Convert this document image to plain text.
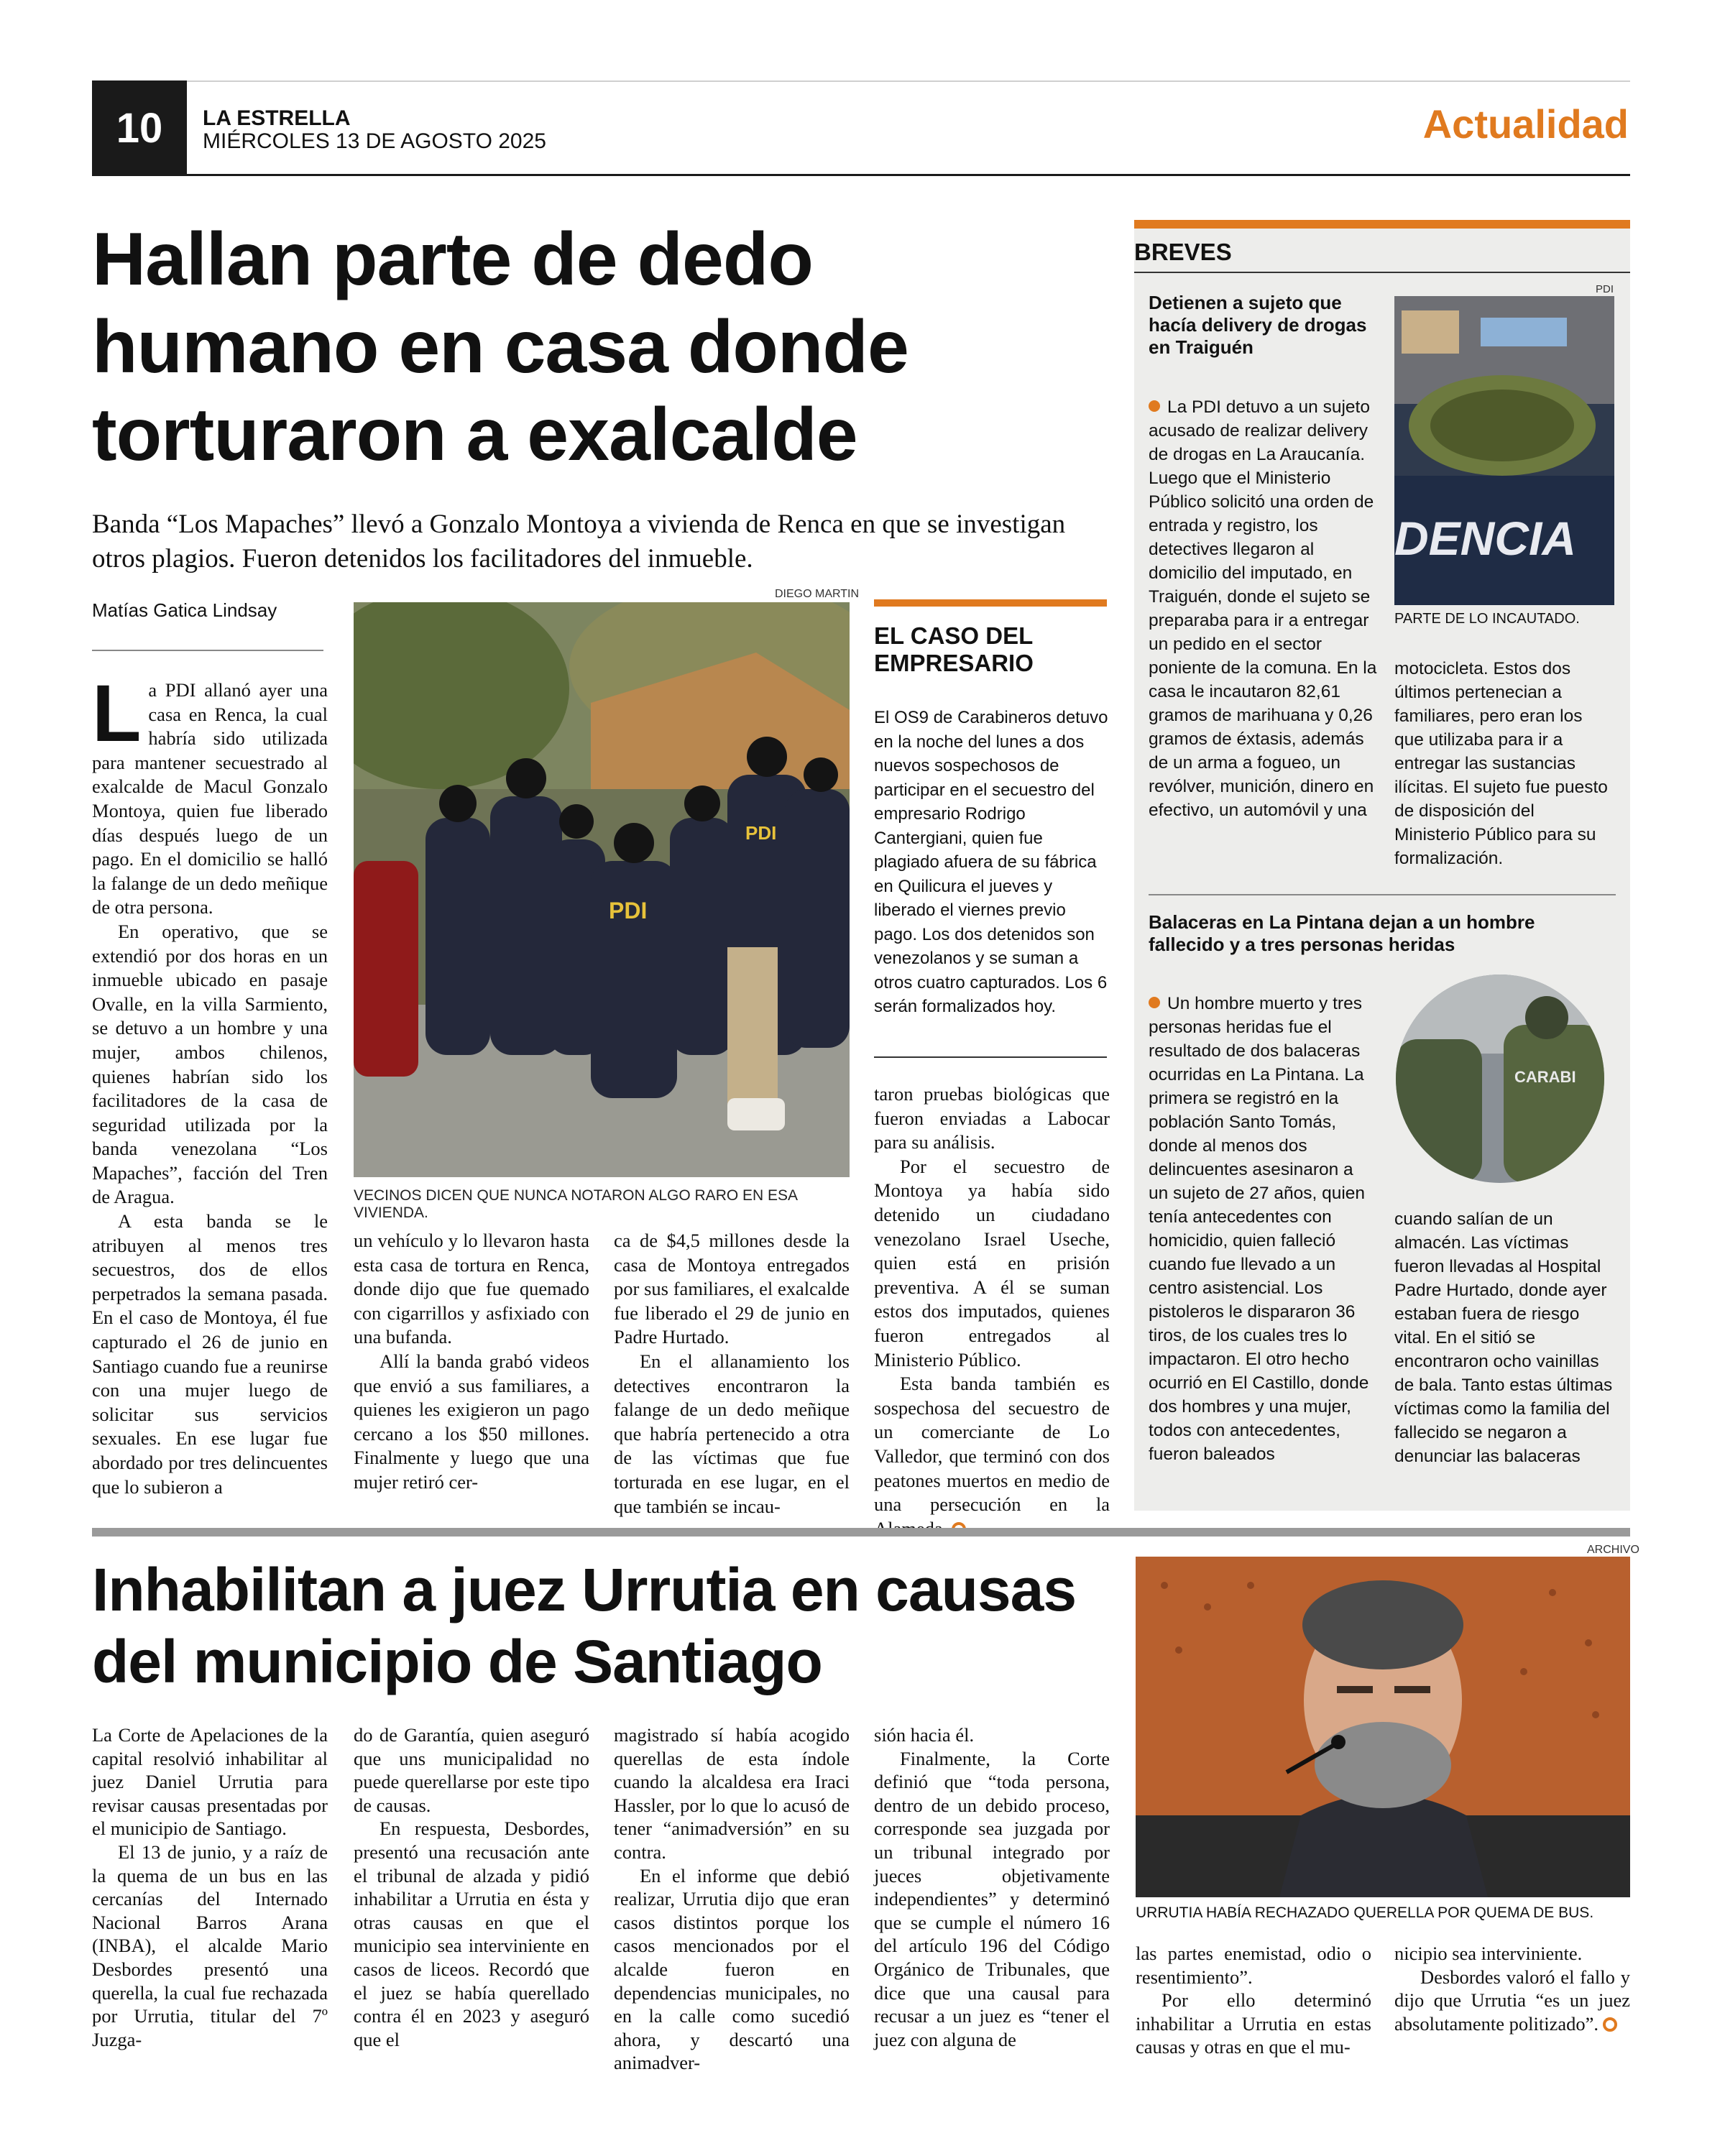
10	LA ESTRELLA
MIÉRCOLES 13 DE AGOSTO 2025	Actualidad
Hallan parte de dedo humano en casa donde torturaron a exalcalde
Banda “Los Mapaches” llevó a Gonzalo Montoya a vivienda de Renca en que se investigan otros plagios. Fueron detenidos los facilitadores del inmueble.
Matías Gatica Lindsay

La PDI allanó ayer una casa en Renca, la cual habría sido utilizada para mantener secuestrado al exalcalde de Macul Gonzalo Montoya, quien fue liberado días después luego de un pago. En el domicilio se halló la falange de un dedo meñique de otra persona.

En operativo, que se extendió por dos horas en un inmueble ubicado en pasaje Ovalle, en la villa Sarmiento, se detuvo a un hombre y una mujer, ambos chilenos, quienes habrían sido los facilitadores de la casa de seguridad utilizada por la banda venezolana “Los Mapaches”, facción del Tren de Aragua.

A esta banda se le atribuyen al menos tres secuestros, dos de ellos perpetrados la semana pasada. En el caso de Montoya, él fue capturado el 26 de junio en Santiago cuando fue a reunirse con una mujer luego de solicitar sus servicios sexuales. En ese lugar fue abordado por tres delincuentes que lo subieron a

DIEGO MARTIN
PDI
PDI
VECINOS DICEN QUE NUNCA NOTARON ALGO RARO EN ESA VIVIENDA.

un vehículo y lo llevaron hasta esta casa de tortura en Renca, donde dijo que fue quemado con cigarrillos y asfixiado con una bufanda.

Allí la banda grabó videos que envió a sus familiares, a quienes les exigieron un pago cercano a los $50 millones. Finalmente y luego que una mujer retiró cer-

ca de $4,5 millones desde la casa de Montoya entregados por sus familiares, el exalcalde fue liberado el 29 de junio en Padre Hurtado.

En el allanamiento los detectives encontraron la falange de un dedo meñique que habría pertenecido a otra de las víctimas que fue torturada en ese lugar, en el que también se incau-

taron pruebas biológicas que fueron enviadas a Labocar para su análisis.

Por el secuestro de Montoya ya había sido detenido un ciudadano venezolano Israel Useche, quien está en prisión preventiva. A él se suman estos dos imputados, quienes fueron entregados al Ministerio Público.

Esta banda también es sospechosa del secuestro de un comerciante de Lo Valledor, que terminó con dos peatones muertos en medio de una persecución en la

EL CASO DEL EMPRESARIO
El OS9 de Carabineros detuvo en la noche del lunes a dos nuevos sospechosos de participar en el secuestro del empresario Rodrigo Cantergiani, quien fue plagiado afuera de su fábrica en Quilicura el jueves y liberado el viernes previo pago. Los dos detenidos son venezolanos y se suman a otros cuatro capturados. Los 6 serán formalizados hoy.
BREVES
Detienen a sujeto que hacía delivery de drogas en Traiguén
PDI
DENCIA
PARTE DE LO INCAUTADO.
La PDI detuvo a un sujeto acusado de realizar delivery de drogas en La Araucanía. Luego que el Ministerio Público solicitó una orden de entrada y registro, los detectives llegaron al domicilio del imputado, en Traiguén, donde el sujeto se preparaba para ir a entregar un pedido en el sector poniente de la comuna. En la casa le incautaron 82,61 gramos de marihuana y 0,26 gramos de éxtasis, además de un arma a fogueo, un revólver, munición, dinero en efectivo, un automóvil y una
motocicleta. Estos dos últimos pertenecian a familiares, pero eran los que utilizaba para ir a entregar las sustancias ilícitas. El sujeto fue puesto de disposición del Ministerio Público para su formalización.
Balaceras en La Pintana dejan a un hombre fallecido y a tres personas heridas
CARABI
Un hombre muerto y tres personas heridas fue el resultado de dos balaceras ocurridas en La Pintana. La primera se registró en la población Santo Tomás, donde al menos dos delincuentes asesinaron a un sujeto de 27 años, quien tenía antecedentes con homicidio, quien falleció cuando fue llevado a un centro asistencial. Los pistoleros le dispararon 36 tiros, de los cuales tres lo impactaron. El otro hecho ocurrió en El Castillo, donde dos hombres y una mujer, todos con antecedentes, fueron baleados
cuando salían de un almacén. Las víctimas fueron llevadas al Hospital Padre Hurtado, donde ayer estaban fuera de riesgo vital. En el sitió se encontraron ocho vainillas de bala. Tanto estas últimas víctimas como la familia del fallecido se negaron a denunciar las balaceras
Inhabilitan a juez Urrutia en causas del municipio de Santiago
ARCHIVO
URRUTIA HABÍA RECHAZADO QUERELLA POR QUEMA DE BUS.

La Corte de Apelaciones de la capital resolvió inhabilitar al juez Daniel Urrutia para revisar causas presentadas por el municipio de Santiago.

El 13 de junio, y a raíz de la quema de un bus en las cercanías del Internado Nacional Barros Arana (INBA), el alcalde Mario Desbordes presentó una querella, la cual fue rechazada por Urrutia, titular del 7º Juzga-

do de Garantía, quien aseguró que uns municipalidad no puede querellarse por este tipo de causas.

En respuesta, Desbordes, presentó una recusación ante el tribunal de alzada y pidió inhabilitar a Urrutia en ésta y otras causas en que el municipio sea interviniente en casos de liceos. Recordó que el juez se había querellado contra él en 2023 y aseguró que el

magistrado sí había acogido querellas de esta índole cuando la alcaldesa era Iraci Hassler, por lo que lo acusó de tener “animadversión” en su contra.

En el informe que debió realizar, Urrutia dijo que eran casos distintos porque los casos mencionados por el alcalde fueron en dependencias municipales, no en la calle como sucedió ahora, y descartó una animadver-

sión hacia él.

Finalmente, la Corte definió que “toda persona, dentro de un debido proceso, corresponde sea juzgada por un tribunal integrado por jueces objetivamente independientes” y determinó que se cumple el número 16 del artículo 196 del Código Orgánico de Tribunales, que dice que una causal para recusar a un juez es “tener el juez con alguna de

las partes enemistad, odio o resentimiento”.

Por ello determinó inhabilitar a Urrutia en estas causas y otras en que el mu-

nicipio sea interviniente.

Desbordes valoró el fallo y dijo que Urrutia “es un juez absolutamente politizado”.
